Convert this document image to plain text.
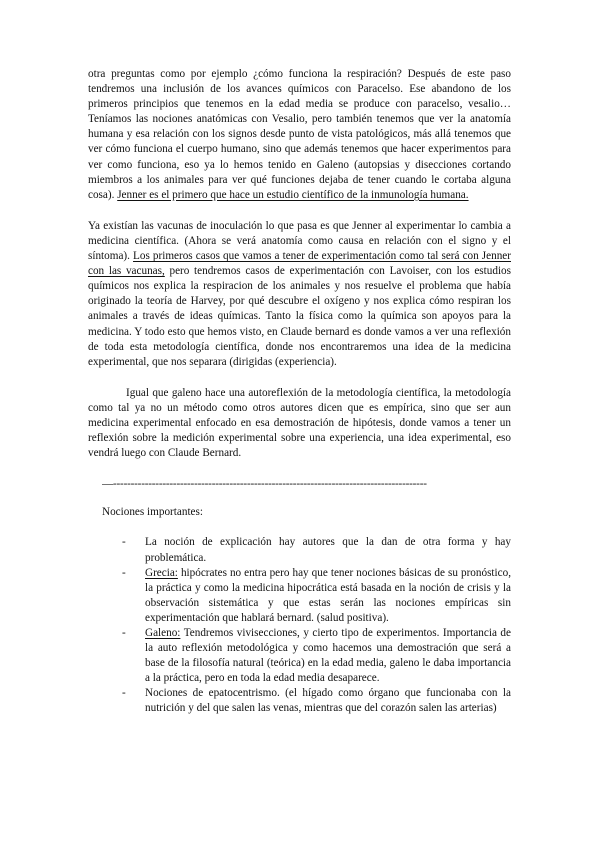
otra preguntas como por ejemplo ¿cómo funciona la respiración? Después de este paso tendremos una inclusión de los avances químicos con Paracelso. Ese abandono de los primeros principios que tenemos en la edad media se produce con paracelso, vesalio… Teníamos las nociones anatómicas con Vesalio, pero también tenemos que ver la anatomía humana y esa relación con los signos desde punto de vista patológicos, más allá tenemos que ver cómo funciona el cuerpo humano, sino que además tenemos que hacer experimentos para ver como funciona, eso ya lo hemos tenido en Galeno (autopsias y disecciones cortando miembros a los animales para ver qué funciones dejaba de tener cuando le cortaba alguna cosa). Jenner es el primero que hace un estudio científico de la inmunología humana.

Ya existían las vacunas de inoculación lo que pasa es que Jenner al experimentar lo cambia a medicina científica. (Ahora se verá anatomía como causa en relación con el signo y el síntoma). Los primeros casos que vamos a tener de experimentación como tal será con Jenner con las vacunas, pero tendremos casos de experimentación con Lavoiser, con los estudios químicos nos explica la respiracion de los animales y nos resuelve el problema que había originado la teoría de Harvey, por qué descubre el oxígeno y nos explica cómo respiran los animales a través de ideas químicas. Tanto la física como la química son apoyos para la medicina. Y todo esto que hemos visto, en Claude bernard es donde vamos a ver una reflexión de toda esta metodología científica, donde nos encontraremos una idea de la medicina experimental, que nos separara (dirigidas (experiencia).

Igual que galeno hace una autoreflexión de la metodología científica, la metodología como tal ya no un método como otros autores dicen que es empírica, sino que ser aun medicina experimental enfocado en esa demostración de hipótesis, donde vamos a tener un reflexión sobre la medición experimental sobre una experiencia, una idea experimental, eso vendrá luego con Claude Bernard.

—-----------------------------------------------------------------------------------------
Nociones importantes:
- La noción de explicación hay autores que la dan de otra forma y hay problemática.
- Grecia: hipócrates no entra pero hay que tener nociones básicas de su pronóstico, la práctica y como la medicina hipocrática está basada en la noción de crisis y la observación sistemática y que estas serán las nociones empíricas sin experimentación que hablará bernard. (salud positiva).
- Galeno: Tendremos vivisecciones, y cierto tipo de experimentos. Importancia de la auto reflexión metodológica y como hacemos una demostración que será a base de la filosofía natural (teórica) en la edad media, galeno le daba importancia a la práctica, pero en toda la edad media desaparece.
- Nociones de epatocentrismo. (el hígado como órgano que funcionaba con la nutrición y del que salen las venas, mientras que del corazón salen las arterias)
